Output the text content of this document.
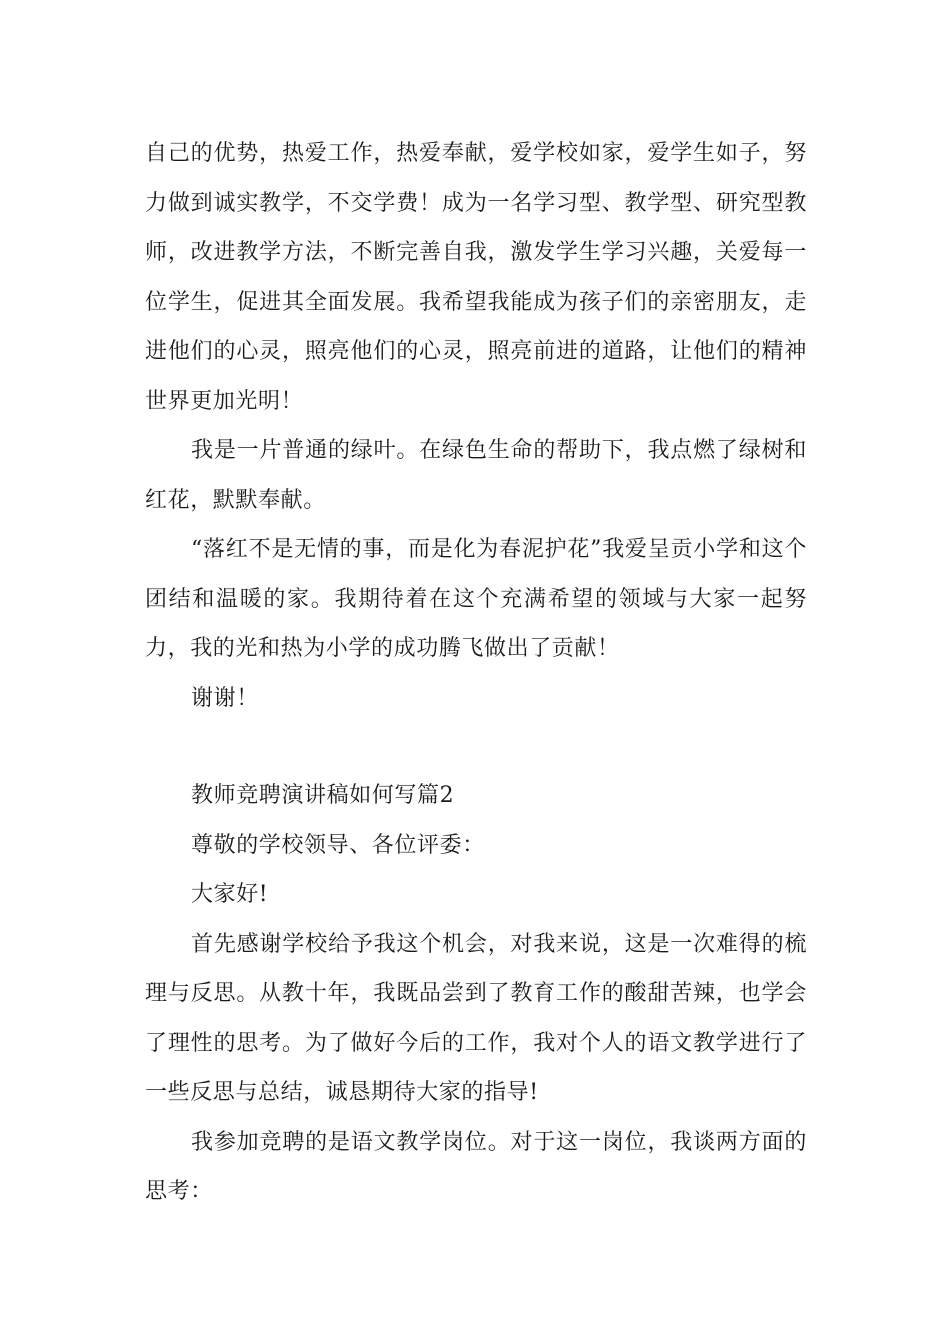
自己的优势，热爱工作，热爱奉献，爱学校如家，爱学生如子，努力做到诚实教学，不交学费！成为一名学习型、教学型、研究型教师，改进教学方法，不断完善自我，激发学生学习兴趣，关爱每一位学生，促进其全面发展。我希望我能成为孩子们的亲密朋友，走进他们的心灵，照亮他们的心灵，照亮前进的道路，让他们的精神世界更加光明！

我是一片普通的绿叶。在绿色生命的帮助下，我点燃了绿树和红花，默默奉献。

“落红不是无情的事，而是化为春泥护花”我爱呈贡小学和这个团结和温暖的家。我期待着在这个充满希望的领域与大家一起努力，我的光和热为小学的成功腾飞做出了贡献！

谢谢！

教师竞聘演讲稿如何写篇2

尊敬的学校领导、各位评委：

大家好!

首先感谢学校给予我这个机会，对我来说，这是一次难得的梳理与反思。从教十年，我既品尝到了教育工作的酸甜苦辣，也学会了理性的思考。为了做好今后的工作，我对个人的语文教学进行了一些反思与总结，诚恳期待大家的指导!

我参加竞聘的是语文教学岗位。对于这一岗位，我谈两方面的思考：
